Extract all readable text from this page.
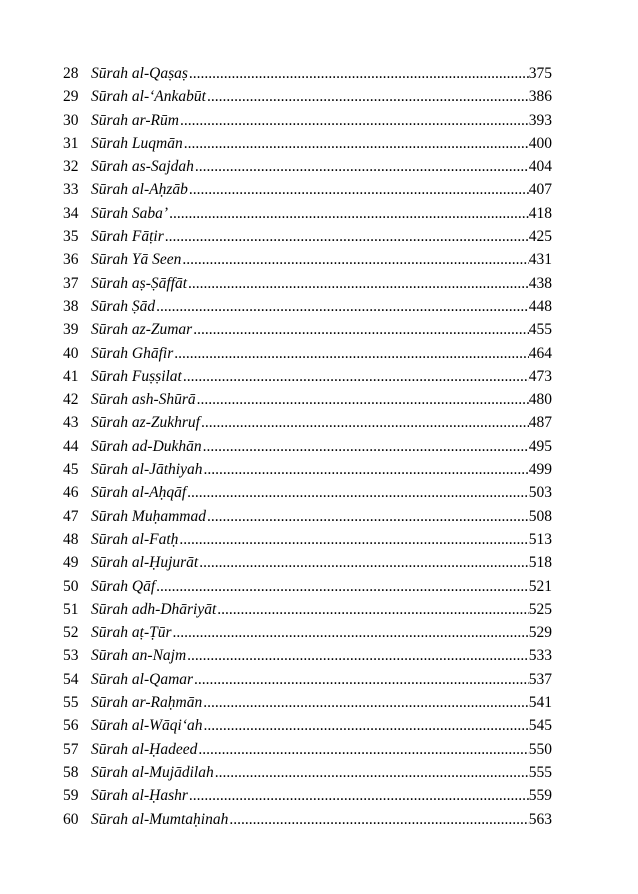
28 Sūrah al-Qaṣaṣ .....	375
29 Sūrah al-‘Ankabūt .....	386
30 Sūrah ar-Rūm .....	393
31 Sūrah Luqmān .....	400
32 Sūrah as-Sajdah .....	404
33 Sūrah al-Aḥzāb .....	407
34 Sūrah Saba’ .....	418
35 Sūrah Fāṭir .....	425
36 Sūrah Yā Seen .....	431
37 Sūrah aṣ-Ṣāffāt .....	438
38 Sūrah Ṣād .....	448
39 Sūrah az-Zumar .....	455
40 Sūrah Ghāfir .....	464
41 Sūrah Fuṣṣilat .....	473
42 Sūrah ash-Shūrā .....	480
43 Sūrah az-Zukhruf .....	487
44 Sūrah ad-Dukhān .....	495
45 Sūrah al-Jāthiyah .....	499
46 Sūrah al-Aḥqāf .....	503
47 Sūrah Muḥammad .....	508
48 Sūrah al-Fatḥ .....	513
49 Sūrah al-Ḥujurāt .....	518
50 Sūrah Qāf .....	521
51 Sūrah adh-Dhāriyāt .....	525
52 Sūrah aṭ-Ṭūr .....	529
53 Sūrah an-Najm .....	533
54 Sūrah al-Qamar .....	537
55 Sūrah ar-Raḥmān .....	541
56 Sūrah al-Wāqi‘ah .....	545
57 Sūrah al-Ḥadeed .....	550
58 Sūrah al-Mujādilah .....	555
59 Sūrah al-Ḥashr .....	559
60 Sūrah al-Mumtaḥinah .....	563
